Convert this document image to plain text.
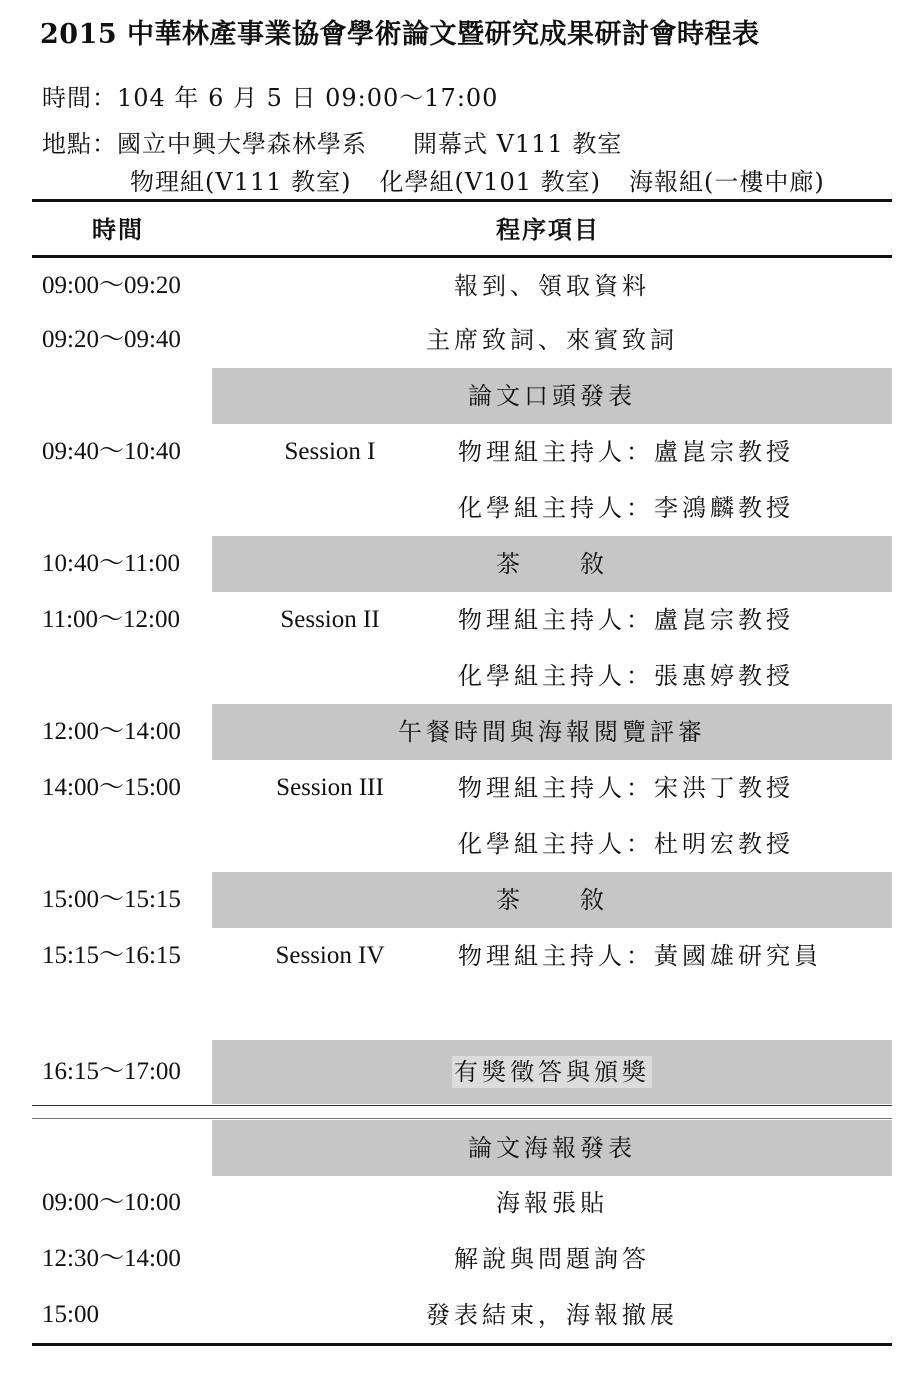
2015 中華林產事業協會學術論文暨研究成果研討會時程表
時間：104 年 6 月 5 日 09:00～17:00
地點：國立中興大學森林學系 開幕式 V111 教室
物理組(V111 教室) 化學組(V101 教室) 海報組(一樓中廊)
時間	程序項目
09:00～09:20	報到、領取資料
09:20～09:40	主席致詞、來賓致詞
論文口頭發表
09:40～10:40	Session I	物理組主持人：盧崑宗教授
化學組主持人：李鴻麟教授
10:40～11:00	茶　　敘
11:00～12:00	Session II	物理組主持人：盧崑宗教授
化學組主持人：張惠婷教授
12:00～14:00	午餐時間與海報閱覽評審
14:00～15:00	Session III	物理組主持人：宋洪丁教授
化學組主持人：杜明宏教授
15:00～15:15	茶　　敘
15:15～16:15	Session IV	物理組主持人：黃國雄研究員
16:15～17:00	有獎徵答與頒獎
論文海報發表
09:00～10:00	海報張貼
12:30～14:00	解說與問題詢答
15:00	發表結束，海報撤展
